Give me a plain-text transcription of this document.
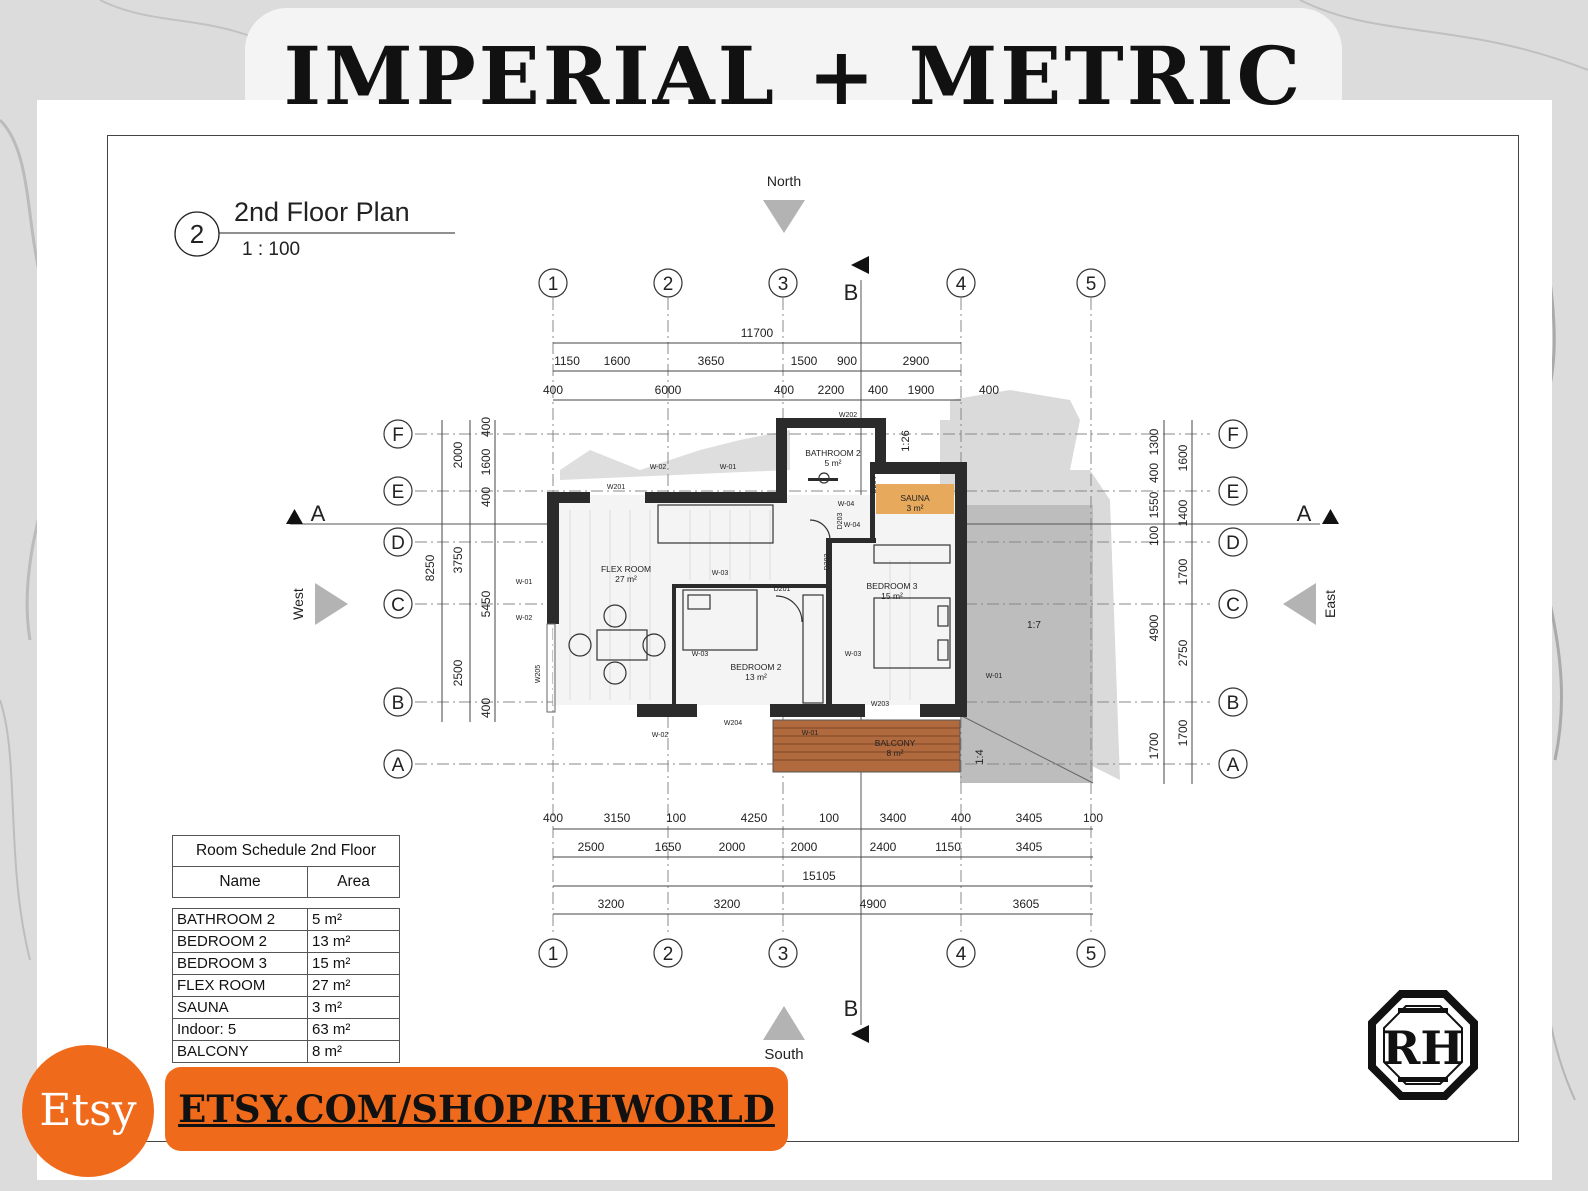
IMPERIAL + METRIC
2
2nd Floor Plan
1 : 100
North
South
West	East
A	A
B
B
1
1
2
2
3
3
4
4
5
5
F	F
E	E
D	D
C	C
B	B
A	A
11700
1150 1600	3650	1500 900	2900
400	6000	400 2200 400 1900	400
400	3150	100	4250	100	3400	400	3405	100
2500	1650	2000	2000	2400	1150	3405
15105
3200	3200	4900	3605
8250
2000
3750
2500
400
1600
400
5450
400
1300
400
1550
100
4900
1700
1600
1400
1700
2750
1700
FLEX ROOM
27 m²
BATHROOM 2
5 m²
SAUNA
3 m²
BEDROOM 3
15 m²
BEDROOM 2
13 m²
BALCONY
8 m²
W-02	W-01
W201
W202
W-04
W-04
W-01
W-02
W-03
W-03	W-03
D201
W203
W204
W-02	W-01
W-01
W205
D202
D203
D204
1:7
1:26
1:4
Room Schedule 2nd Floor
Name	Area
BATHROOM 2	5 m²
BEDROOM 2	13 m²
BEDROOM 3	15 m²
FLEX ROOM	27 m²
SAUNA	3 m²
Indoor: 5	63 m²
BALCONY	8 m²
Etsy	ETSY.COM/SHOP/RHWORLD
RH
